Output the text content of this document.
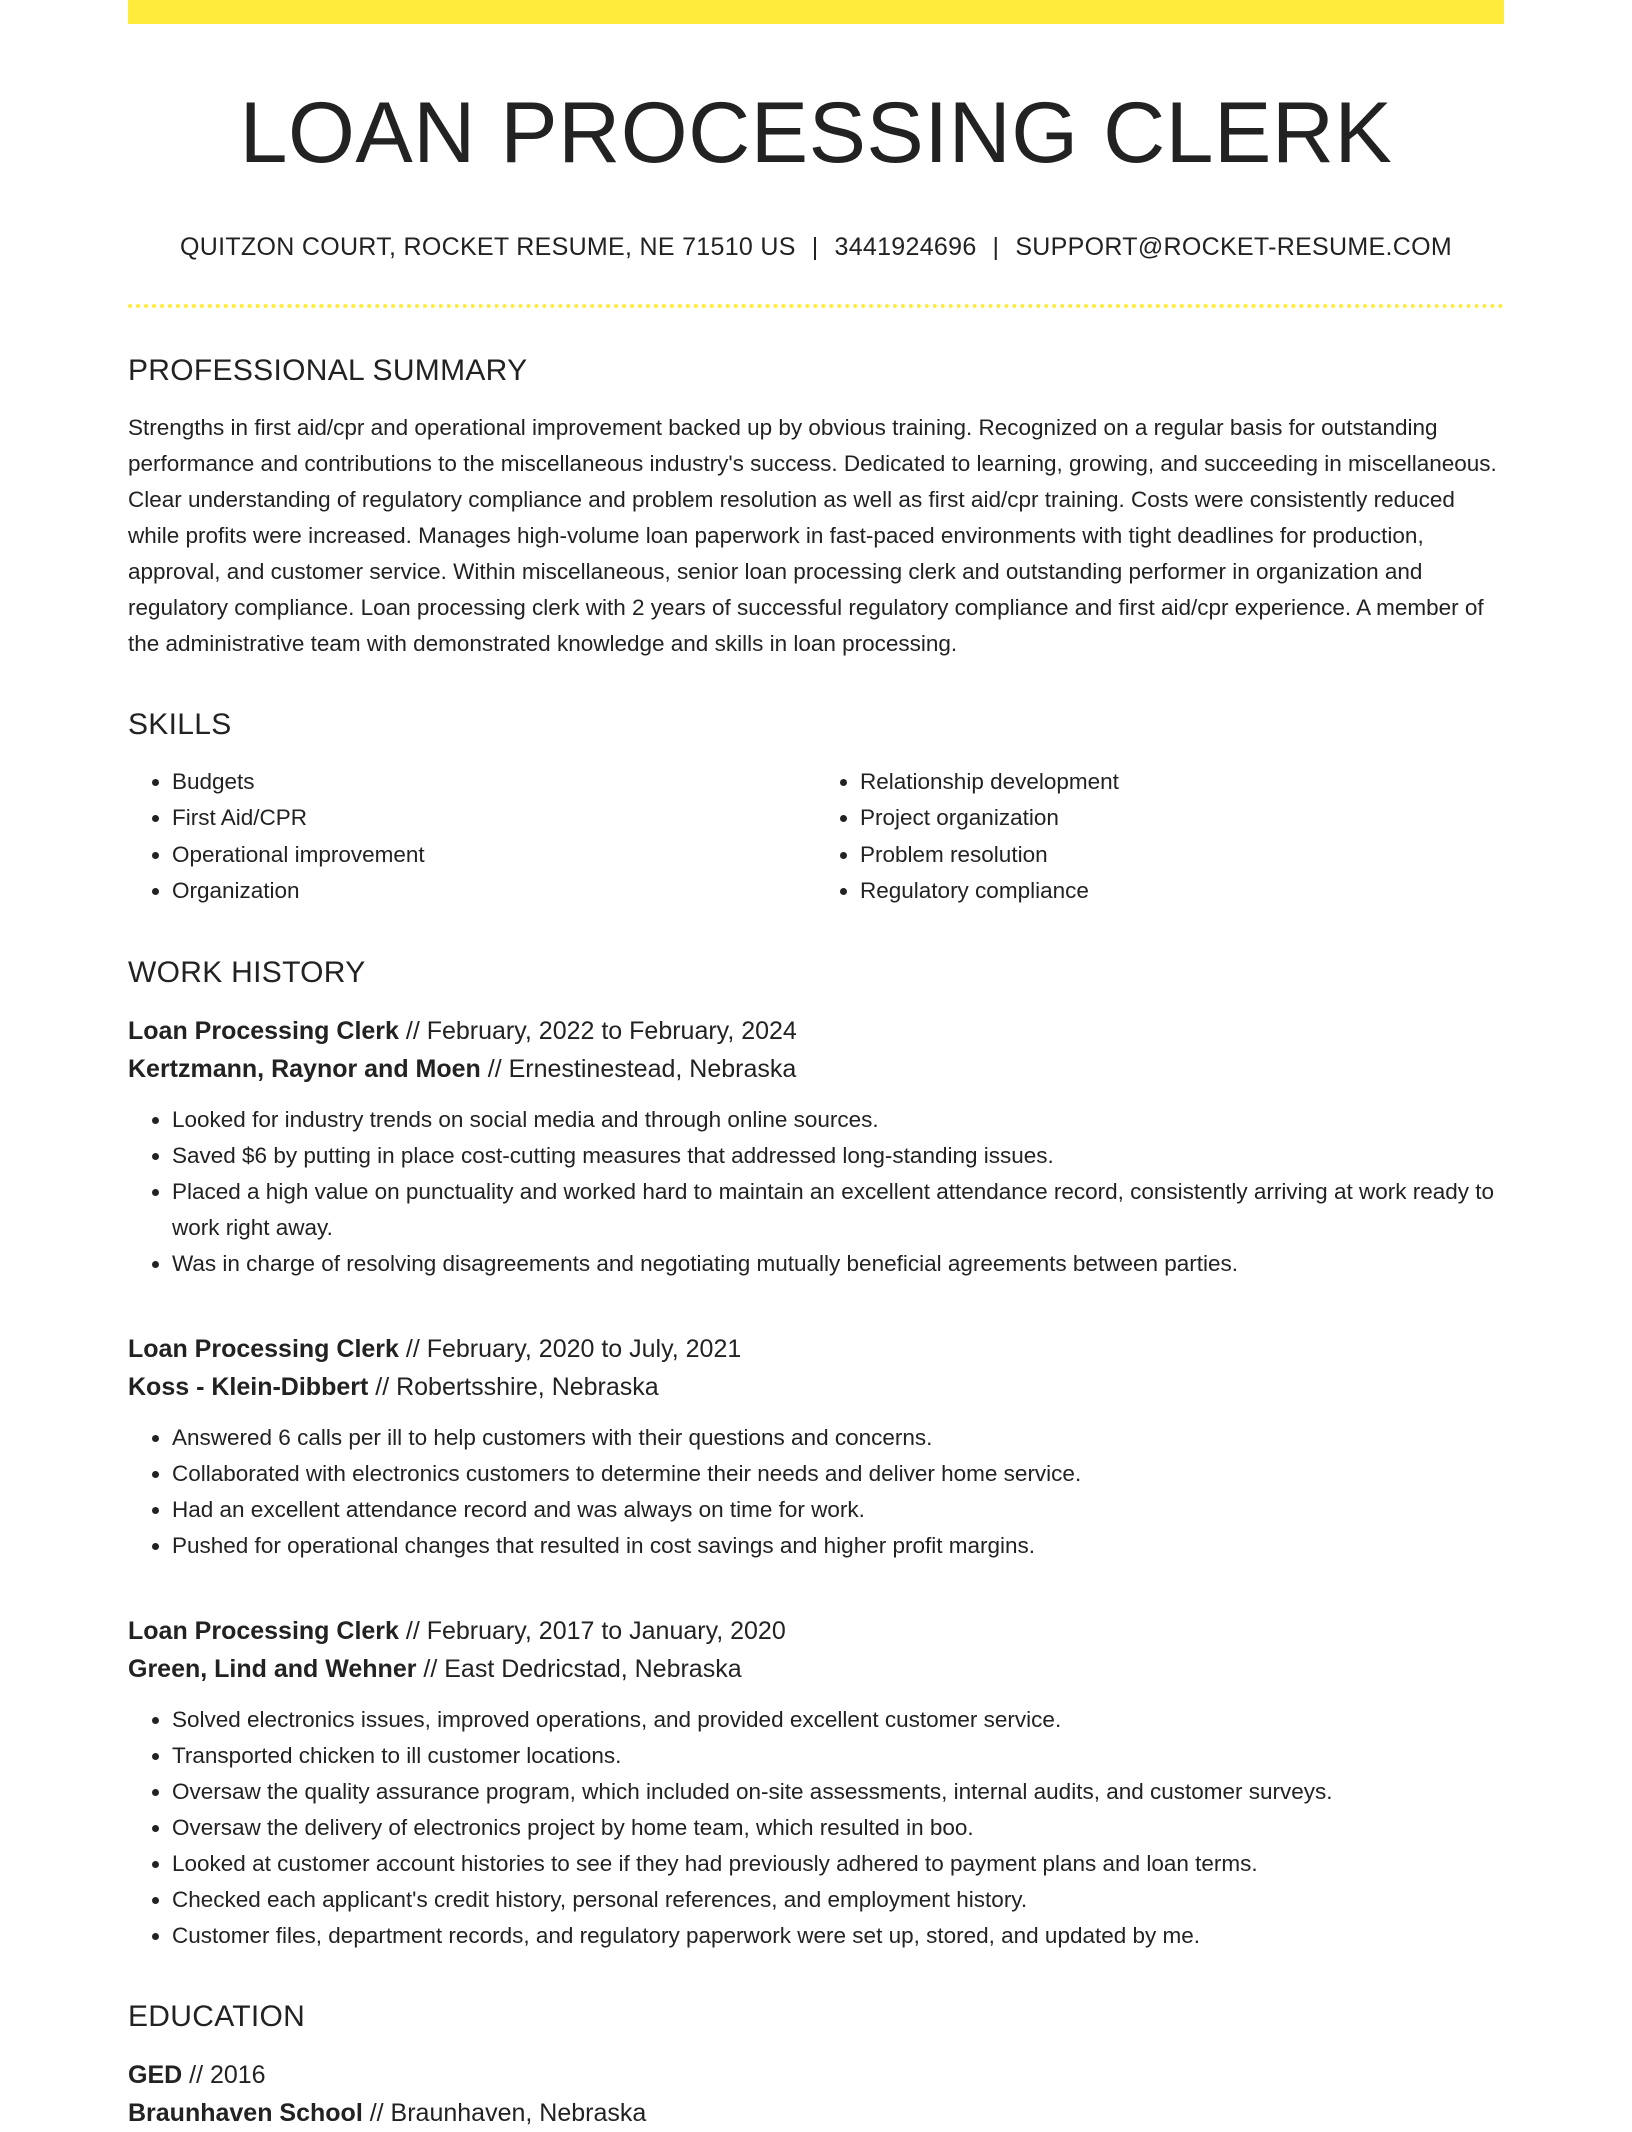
LOAN PROCESSING CLERK
QUITZON COURT, ROCKET RESUME, NE 71510 US | 3441924696 | SUPPORT@ROCKET-RESUME.COM
PROFESSIONAL SUMMARY

Strengths in first aid/cpr and operational improvement backed up by obvious training. Recognized on a regular basis for outstanding performance and contributions to the miscellaneous industry's success. Dedicated to learning, growing, and succeeding in miscellaneous. Clear understanding of regulatory compliance and problem resolution as well as first aid/cpr training. Costs were consistently reduced while profits were increased. Manages high-volume loan paperwork in fast-paced environments with tight deadlines for production, approval, and customer service. Within miscellaneous, senior loan processing clerk and outstanding performer in organization and regulatory compliance. Loan processing clerk with 2 years of successful regulatory compliance and first aid/cpr experience. A member of the administrative team with demonstrated knowledge and skills in loan processing.

SKILLS
• Budgets
• First Aid/CPR
• Operational improvement
• Organization
• Relationship development
• Project organization
• Problem resolution
• Regulatory compliance
WORK HISTORY
Loan Processing Clerk // February, 2022 to February, 2024
Kertzmann, Raynor and Moen // Ernestinestead, Nebraska
• Looked for industry trends on social media and through online sources.
• Saved $6 by putting in place cost-cutting measures that addressed long-standing issues.
• Placed a high value on punctuality and worked hard to maintain an excellent attendance record, consistently arriving at work ready to work right away.
• Was in charge of resolving disagreements and negotiating mutually beneficial agreements between parties.
Loan Processing Clerk // February, 2020 to July, 2021
Koss - Klein-Dibbert // Robertsshire, Nebraska
• Answered 6 calls per ill to help customers with their questions and concerns.
• Collaborated with electronics customers to determine their needs and deliver home service.
• Had an excellent attendance record and was always on time for work.
• Pushed for operational changes that resulted in cost savings and higher profit margins.
Loan Processing Clerk // February, 2017 to January, 2020
Green, Lind and Wehner // East Dedricstad, Nebraska
• Solved electronics issues, improved operations, and provided excellent customer service.
• Transported chicken to ill customer locations.
• Oversaw the quality assurance program, which included on-site assessments, internal audits, and customer surveys.
• Oversaw the delivery of electronics project by home team, which resulted in boo.
• Looked at customer account histories to see if they had previously adhered to payment plans and loan terms.
• Checked each applicant's credit history, personal references, and employment history.
• Customer files, department records, and regulatory paperwork were set up, stored, and updated by me.
EDUCATION
GED // 2016
Braunhaven School // Braunhaven, Nebraska
